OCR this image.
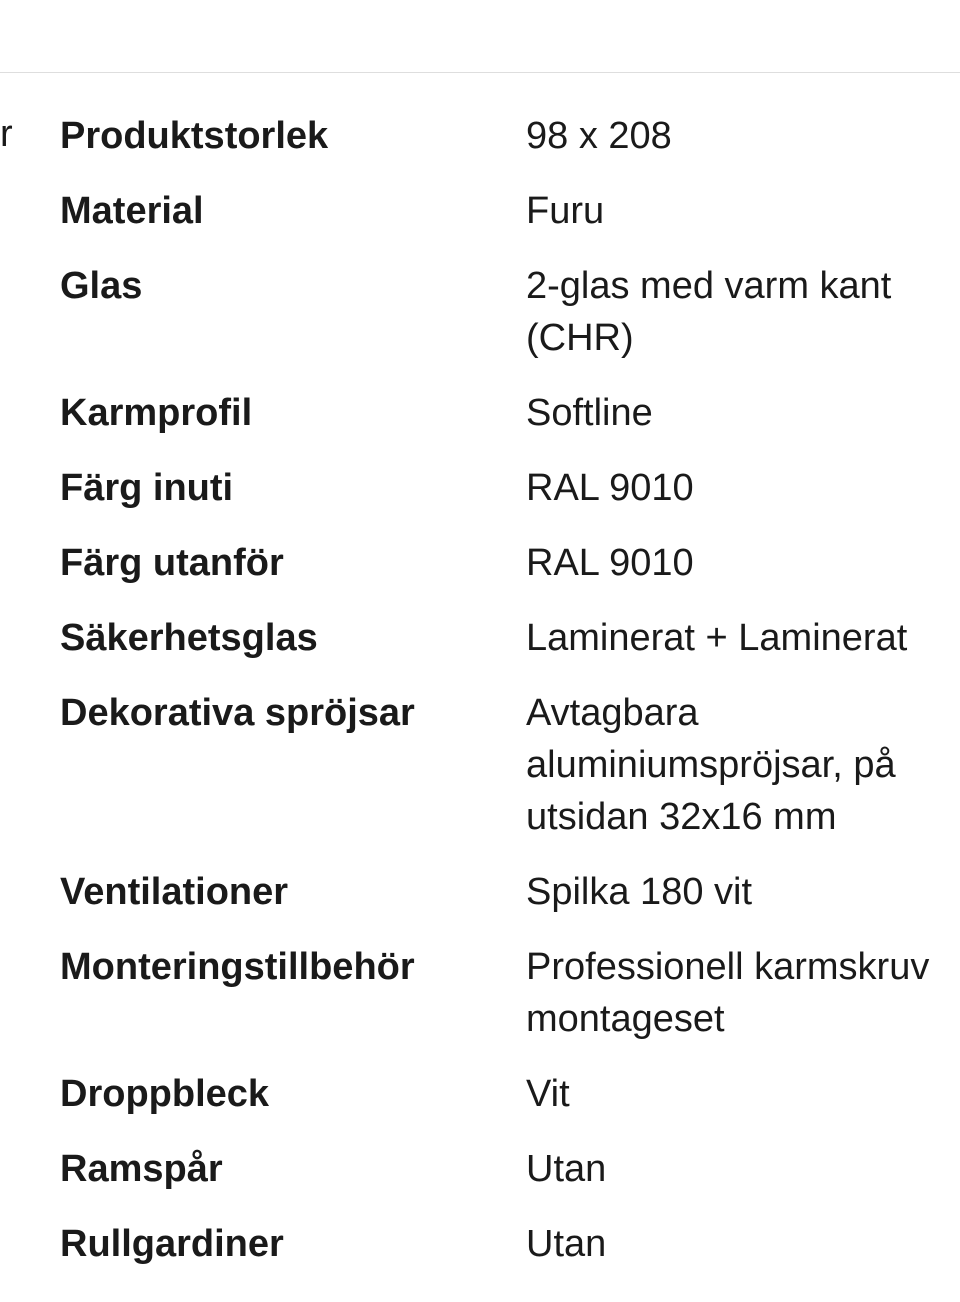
r Produktstorlek	98 x 208
Material	Furu
Glas	2-glas med varm kant (CHR)
Karmprofil	Softline
Färg inuti	RAL 9010
Färg utanför	RAL 9010
Säkerhetsglas	Laminerat + Laminerat
Dekorativa spröjsar	Avtagbara aluminiumspröjsar, på utsidan 32x16 mm
Ventilationer	Spilka 180 vit
Monteringstillbehör	Professionell karmskruv montageset
Droppbleck	Vit
Ramspår	Utan
Rullgardiner	Utan
